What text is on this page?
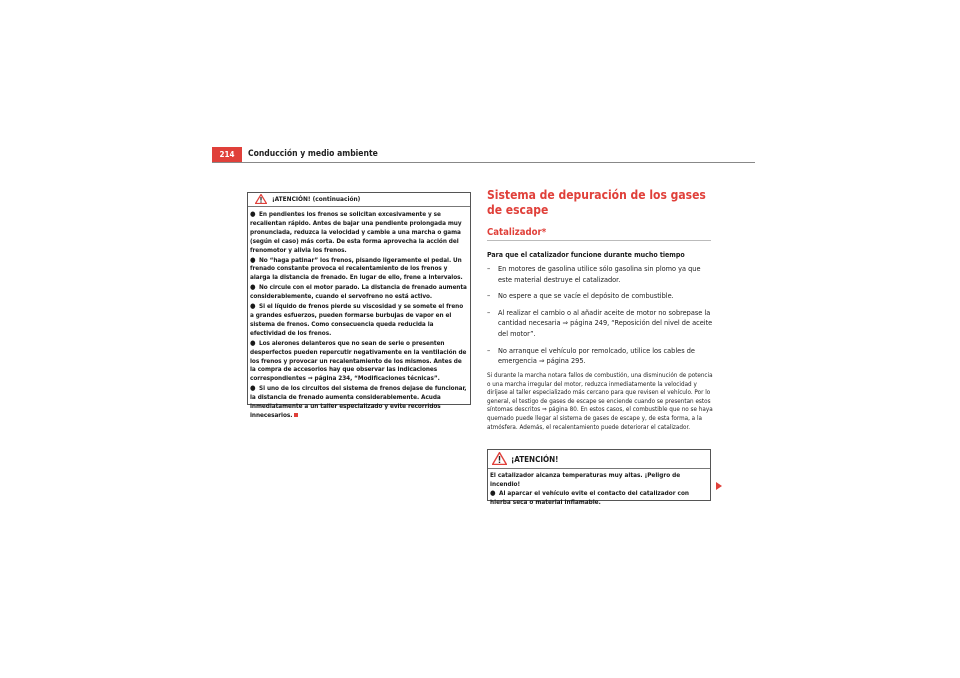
214	Conducción y medio ambiente
¡ATENCIÓN! (continuación)

● En pendientes los frenos se solicitan excesivamente y se recalientan rápido. Antes de bajar una pendiente prolongada muy pronunciada, reduzca la velocidad y cambie a una marcha o gama (según el caso) más corta. De esta forma aprovecha la acción del frenomotor y alivia los frenos.

● No “haga patinar” los frenos, pisando ligeramente el pedal. Un frenado constante provoca el recalentamiento de los frenos y alarga la distancia de frenado. En lugar de ello, frene a intervalos.

● No circule con el motor parado. La distancia de frenado aumenta considerablemente, cuando el servofreno no está activo.

● Si el líquido de frenos pierde su viscosidad y se somete el freno a grandes esfuerzos, pueden formarse burbujas de vapor en el sistema de frenos. Como consecuencia queda reducida la efectividad de los frenos.

● Los alerones delanteros que no sean de serie o presenten desperfectos pueden repercutir negativamente en la ventilación de los frenos y provocar un recalentamiento de los mismos. Antes de la compra de accesorios hay que observar las indicaciones correspondientes ⇒ página 234, “Modificaciones técnicas”.

● Si uno de los circuitos del sistema de frenos dejase de funcionar, la distancia de frenado aumenta considerablemente. Acuda inmediatamente a un taller especializado y evite recorridos innecesarios.

Sistema de depuración de los gases de escape
Catalizador*
Para que el catalizador funcione durante mucho tiempo
– En motores de gasolina utilice sólo gasolina sin plomo ya que este material destruye el catalizador.
– No espere a que se vacíe el depósito de combustible.
– Al realizar el cambio o al añadir aceite de motor no sobrepase la cantidad necesaria ⇒ página 249, “Reposición del nivel de aceite del motor”.
– No arranque el vehículo por remolcado, utilice los cables de emergencia ⇒ página 295.
Si durante la marcha notara fallos de combustión, una disminución de potencia o una marcha irregular del motor, reduzca inmediatamente la velocidad y diríjase al taller especializado más cercano para que revisen el vehículo. Por lo general, el testigo de gases de escape se enciende cuando se presentan estos síntomas descritos ⇒ página 80. En estos casos, el combustible que no se haya quemado puede llegar al sistema de gases de escape y, de esta forma, a la atmósfera. Además, el recalentamiento puede deteriorar el catalizador.
¡ATENCIÓN!

El catalizador alcanza temperaturas muy altas. ¡Peligro de incendio!

● Al aparcar el vehículo evite el contacto del catalizador con hierba seca o material inflamable.
